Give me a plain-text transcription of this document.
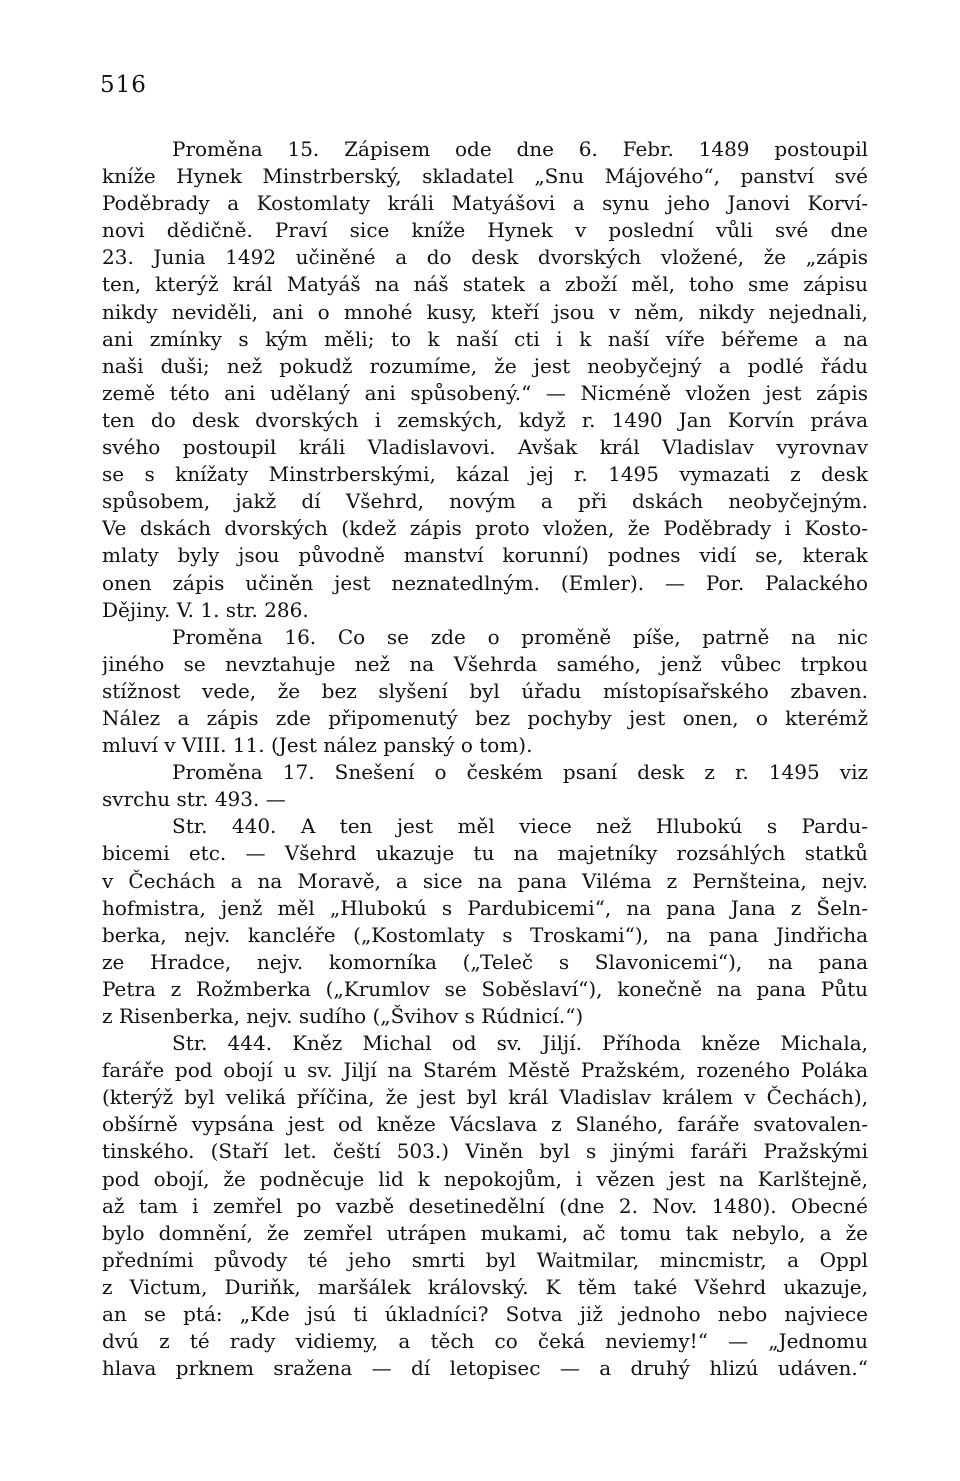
516
Proměna 15. Zápisem ode dne 6. Febr. 1489 postoupil
kníže Hynek Minstrberský, skladatel „Snu Májového“, panství své
Poděbrady a Kostomlaty králi Matyášovi a synu jeho Janovi Korví-
novi dědičně. Praví sice kníže Hynek v poslední vůli své dne
23. Junia 1492 učiněné a do desk dvorských vložené, že „zápis
ten, kterýž král Matyáš na náš statek a zboží měl, toho sme zápisu
nikdy neviděli, ani o mnohé kusy, kteří jsou v něm, nikdy nejednali,
ani zmínky s kým měli; to k naší cti i k naší víře béřeme a na
naši duši; než pokudž rozumíme, že jest neobyčejný a podlé řádu
země této ani udělaný ani spůsobený.“ — Nicméně vložen jest zápis
ten do desk dvorských i zemských, když r. 1490 Jan Korvín práva
svého postoupil králi Vladislavovi. Avšak král Vladislav vyrovnav
se s knížaty Minstrberskými, kázal jej r. 1495 vymazati z desk
spůsobem, jakž dí Všehrd, novým a při dskách neobyčejným.
Ve dskách dvorských (kdež zápis proto vložen, že Poděbrady i Kosto-
mlaty byly jsou původně manství korunní) podnes vidí se, kterak
onen zápis učiněn jest neznatedlným. (Emler). — Por. Palackého
Dějiny. V. 1. str. 286.
Proměna 16. Co se zde o proměně píše, patrně na nic
jiného se nevztahuje než na Všehrda samého, jenž vůbec trpkou
stížnost vede, že bez slyšení byl úřadu místopísařského zbaven.
Nález a zápis zde připomenutý bez pochyby jest onen, o kterémž
mluví v VIII. 11. (Jest nález panský o tom).
Proměna 17. Snešení o českém psaní desk z r. 1495 viz
svrchu str. 493. —
Str. 440. A ten jest měl viece než Hlubokú s Pardu-
bicemi etc. — Všehrd ukazuje tu na majetníky rozsáhlých statků
v Čechách a na Moravě, a sice na pana Viléma z Pernšteina, nejv.
hofmistra, jenž měl „Hlubokú s Pardubicemi“, na pana Jana z Šeln-
berka, nejv. kancléře („Kostomlaty s Troskami“), na pana Jindřicha
ze Hradce, nejv. komorníka („Teleč s Slavonicemi“), na pana
Petra z Rožmberka („Krumlov se Soběslaví“), konečně na pana Půtu
z Risenberka, nejv. sudího („Švihov s Rúdnicí.“)
Str. 444. Kněz Michal od sv. Jiljí. Příhoda kněze Michala,
faráře pod obojí u sv. Jiljí na Starém Městě Pražském, rozeného Poláka
(kterýž byl veliká příčina, že jest byl král Vladislav králem v Čechách),
obšírně vypsána jest od kněze Vácslava z Slaného, faráře svatovalen-
tinského. (Staří let. čeští 503.) Viněn byl s jinými faráři Pražskými
pod obojí, že podněcuje lid k nepokojům, i vězen jest na Karlštejně,
až tam i zemřel po vazbě desetinedělní (dne 2. Nov. 1480). Obecné
bylo domnění, že zemřel utrápen mukami, ač tomu tak nebylo, a že
předními původy té jeho smrti byl Waitmilar, mincmistr, a Oppl
z Victum, Duriňk, maršálek královský. K těm také Všehrd ukazuje,
an se ptá: „Kde jsú ti úkladníci? Sotva již jednoho nebo najviece
dvú z té rady vidiemy, a těch co čeká neviemy!“ — „Jednomu
hlava prknem sražena — dí letopisec — a druhý hlizú udáven.“
